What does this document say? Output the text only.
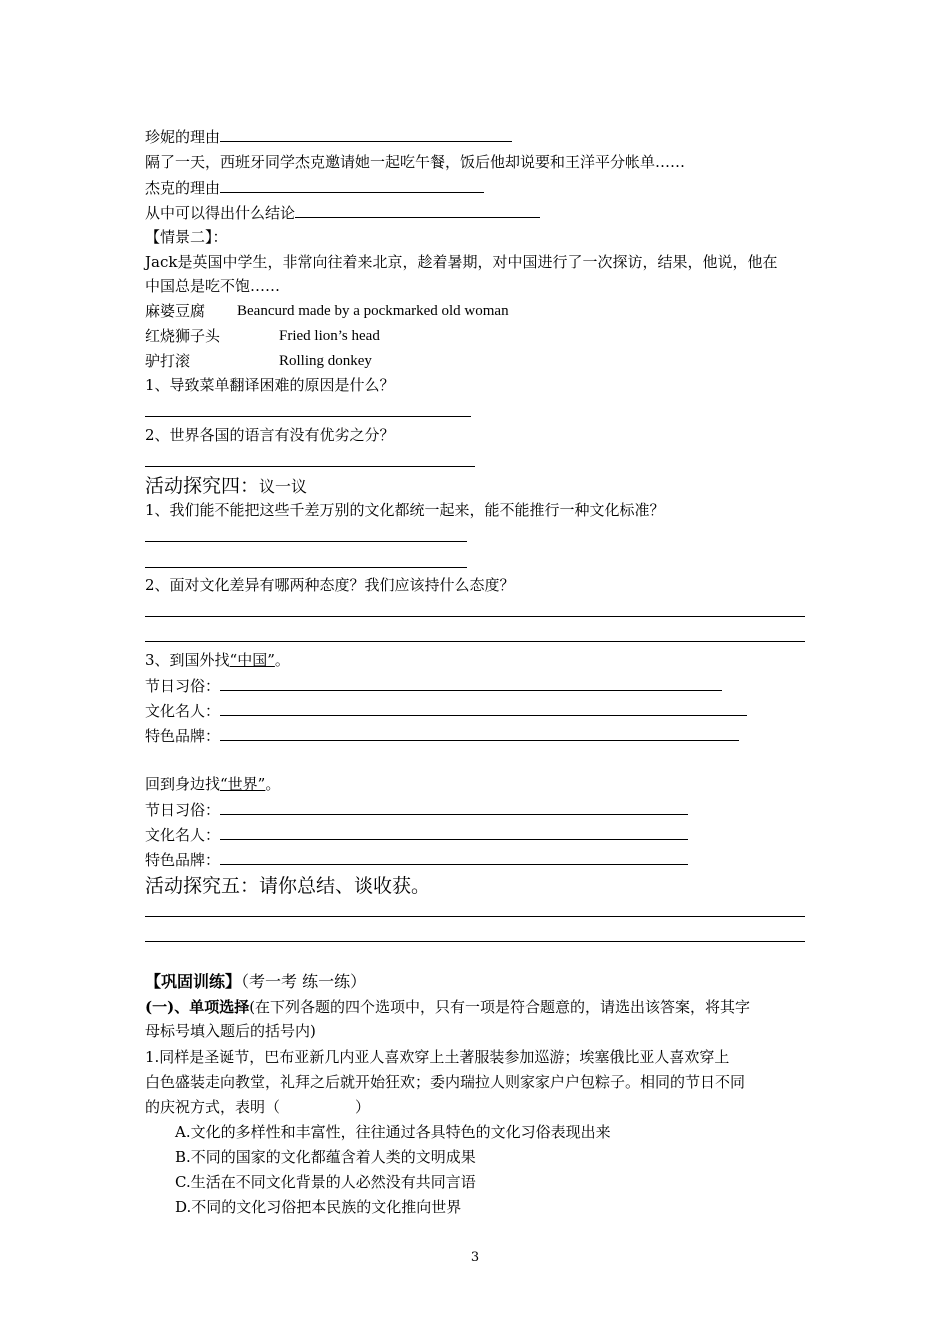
珍妮的理由
隔了一天，西班牙同学杰克邀请她一起吃午餐，饭后他却说要和王洋平分帐单……
杰克的理由
从中可以得出什么结论
【情景二】：
Jack是英国中学生，非常向往着来北京，趁着暑期，对中国进行了一次探访，结果，他说，他在
中国总是吃不饱……
麻婆豆腐 Beancurd made by a pockmarked old woman
红烧狮子头	Fried lion’s head
驴打滚	Rolling donkey
1、导致菜单翻译困难的原因是什么？
2、世界各国的语言有没有优劣之分？
活动探究四：议一议
1、我们能不能把这些千差万别的文化都统一起来，能不能推行一种文化标准？
2、面对文化差异有哪两种态度？我们应该持什么态度？
3、到国外找“中国”。
节日习俗：
文化名人：
特色品牌：
回到身边找“世界”。
节日习俗：
文化名人：
特色品牌：
活动探究五：请你总结、谈收获。
【巩固训练】（考一考 练一练）
(一)、单项选择(在下列各题的四个选项中，只有一项是符合题意的，请选出该答案，将其字
母标号填入题后的括号内)
1.同样是圣诞节，巴布亚新几内亚人喜欢穿上土著服装参加巡游；埃塞俄比亚人喜欢穿上
白色盛装走向教堂，礼拜之后就开始狂欢；委内瑞拉人则家家户户包粽子。相同的节日不同
的庆祝方式，表明（　　　　　）
A.文化的多样性和丰富性，往往通过各具特色的文化习俗表现出来
B.不同的国家的文化都蕴含着人类的文明成果
C.生活在不同文化背景的人必然没有共同言语
D.不同的文化习俗把本民族的文化推向世界
3
